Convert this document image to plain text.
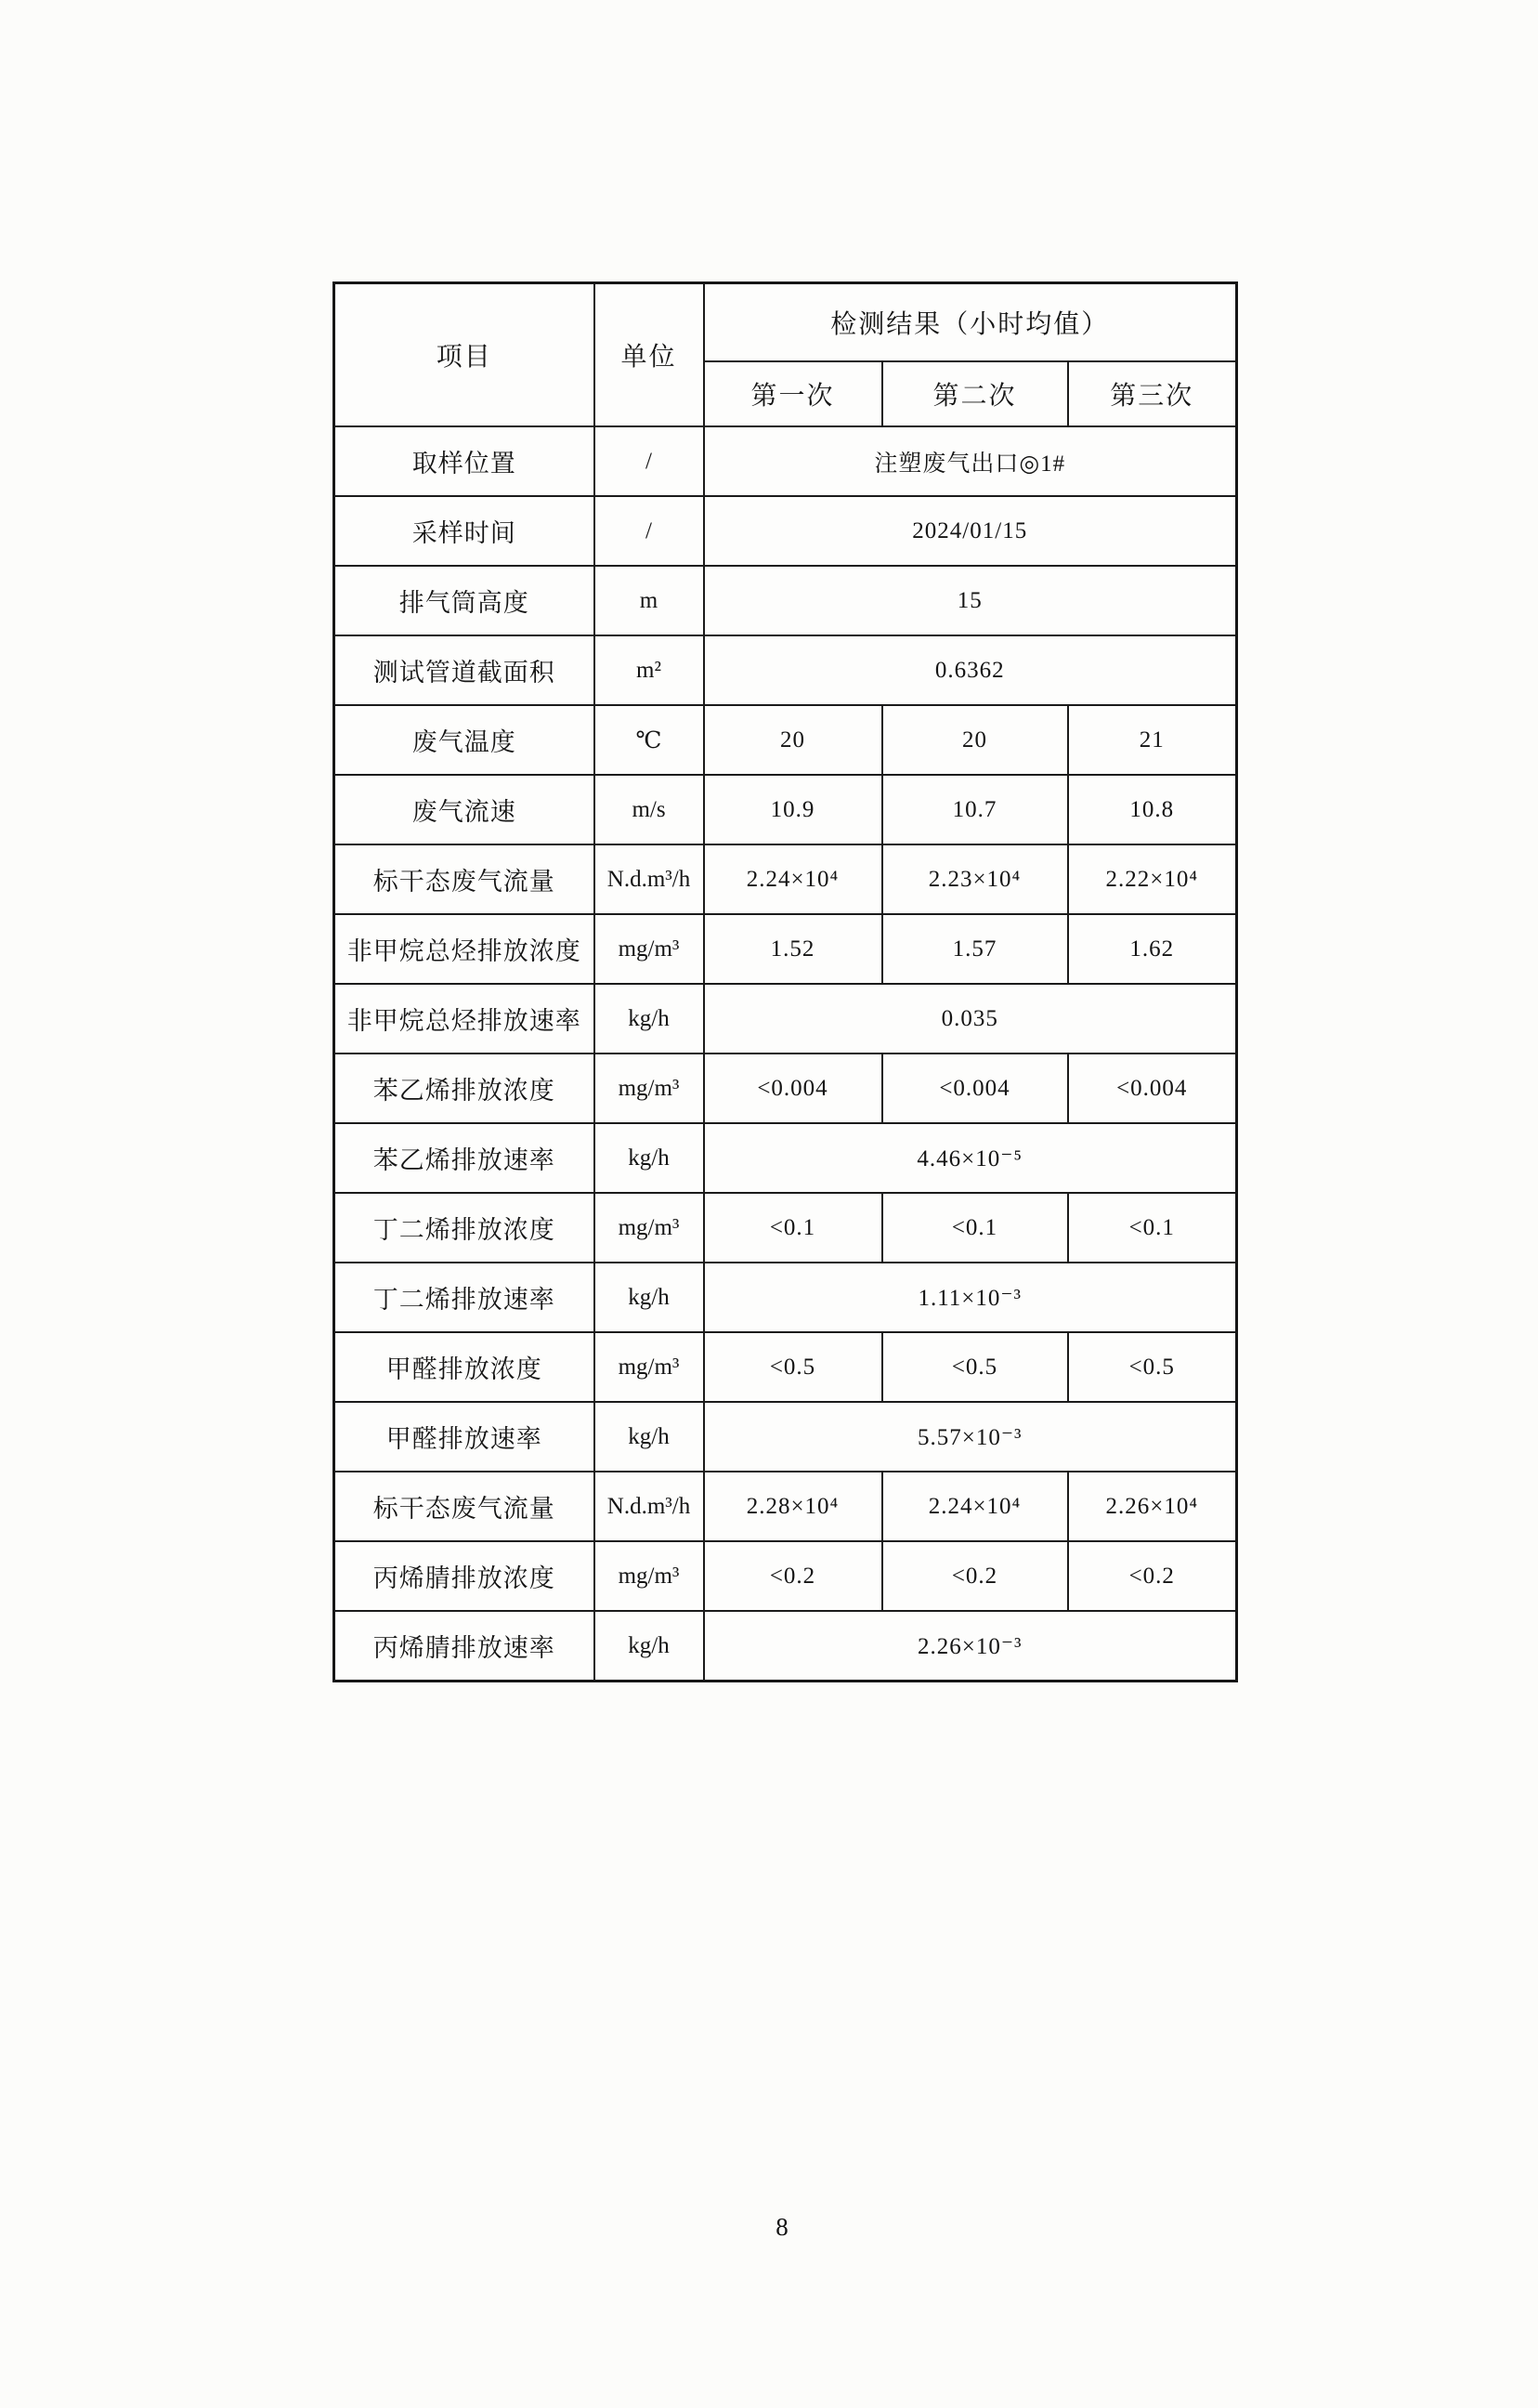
项目	单位	检测结果（小时均值）		
		第一次	第二次	第三次
取样位置	/	注塑废气出口◎1#		
采样时间	/	2024/01/15		
排气筒高度	m	15		
测试管道截面积	m²	0.6362		
废气温度	℃	20	20	21
废气流速	m/s	10.9	10.7	10.8
标干态废气流量	N.d.m³/h	2.24×10⁴	2.23×10⁴	2.22×10⁴
非甲烷总烃排放浓度	mg/m³	1.52	1.57	1.62
非甲烷总烃排放速率	kg/h	0.035		
苯乙烯排放浓度	mg/m³	<0.004	<0.004	<0.004
苯乙烯排放速率	kg/h	4.46×10⁻⁵		
丁二烯排放浓度	mg/m³	<0.1	<0.1	<0.1
丁二烯排放速率	kg/h	1.11×10⁻³		
甲醛排放浓度	mg/m³	<0.5	<0.5	<0.5
甲醛排放速率	kg/h	5.57×10⁻³		
标干态废气流量	N.d.m³/h	2.28×10⁴	2.24×10⁴	2.26×10⁴
丙烯腈排放浓度	mg/m³	<0.2	<0.2	<0.2
丙烯腈排放速率	kg/h	2.26×10⁻³		
8
